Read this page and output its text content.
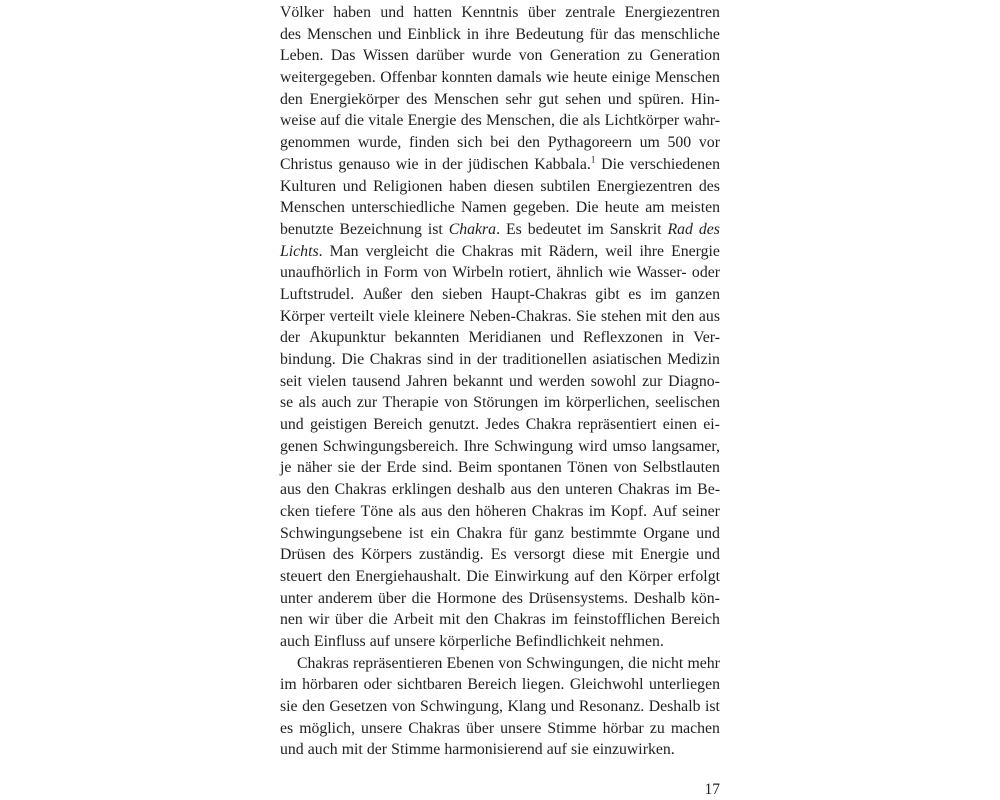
Völker haben und hatten Kenntnis über zentrale Energiezentren
des Menschen und Einblick in ihre Bedeutung für das menschliche
Leben. Das Wissen darüber wurde von Generation zu Generation
weitergegeben. Offenbar konnten damals wie heute einige Menschen
den Energiekörper des Menschen sehr gut sehen und spüren. Hin-
weise auf die vitale Energie des Menschen, die als Lichtkörper wahr-
genommen wurde, finden sich bei den Pythagoreern um 500 vor
Christus genauso wie in der jüdischen Kabbala.$^1$ Die verschiedenen
Kulturen und Religionen haben diesen subtilen Energiezentren des
Menschen unterschiedliche Namen gegeben. Die heute am meisten
benutzte Bezeichnung ist Chakra. Es bedeutet im Sanskrit Rad des
Lichts. Man vergleicht die Chakras mit Rädern, weil ihre Energie
unaufhörlich in Form von Wirbeln rotiert, ähnlich wie Wasser- oder
Luftstrudel. Außer den sieben Haupt-Chakras gibt es im ganzen
Körper verteilt viele kleinere Neben-Chakras. Sie stehen mit den aus
der Akupunktur bekannten Meridianen und Reflexzonen in Ver-
bindung. Die Chakras sind in der traditionellen asiatischen Medizin
seit vielen tausend Jahren bekannt und werden sowohl zur Diagno-
se als auch zur Therapie von Störungen im körperlichen, seelischen
und geistigen Bereich genutzt. Jedes Chakra repräsentiert einen ei-
genen Schwingungsbereich. Ihre Schwingung wird umso langsamer,
je näher sie der Erde sind. Beim spontanen Tönen von Selbstlauten
aus den Chakras erklingen deshalb aus den unteren Chakras im Be-
cken tiefere Töne als aus den höheren Chakras im Kopf. Auf seiner
Schwingungsebene ist ein Chakra für ganz bestimmte Organe und
Drüsen des Körpers zuständig. Es versorgt diese mit Energie und
steuert den Energiehaushalt. Die Einwirkung auf den Körper erfolgt
unter anderem über die Hormone des Drüsensystems. Deshalb kön-
nen wir über die Arbeit mit den Chakras im feinstofflichen Bereich
auch Einfluss auf unsere körperliche Befindlichkeit nehmen.
Chakras repräsentieren Ebenen von Schwingungen, die nicht mehr
im hörbaren oder sichtbaren Bereich liegen. Gleichwohl unterliegen
sie den Gesetzen von Schwingung, Klang und Resonanz. Deshalb ist
es möglich, unsere Chakras über unsere Stimme hörbar zu machen
und auch mit der Stimme harmonisierend auf sie einzuwirken.
17
